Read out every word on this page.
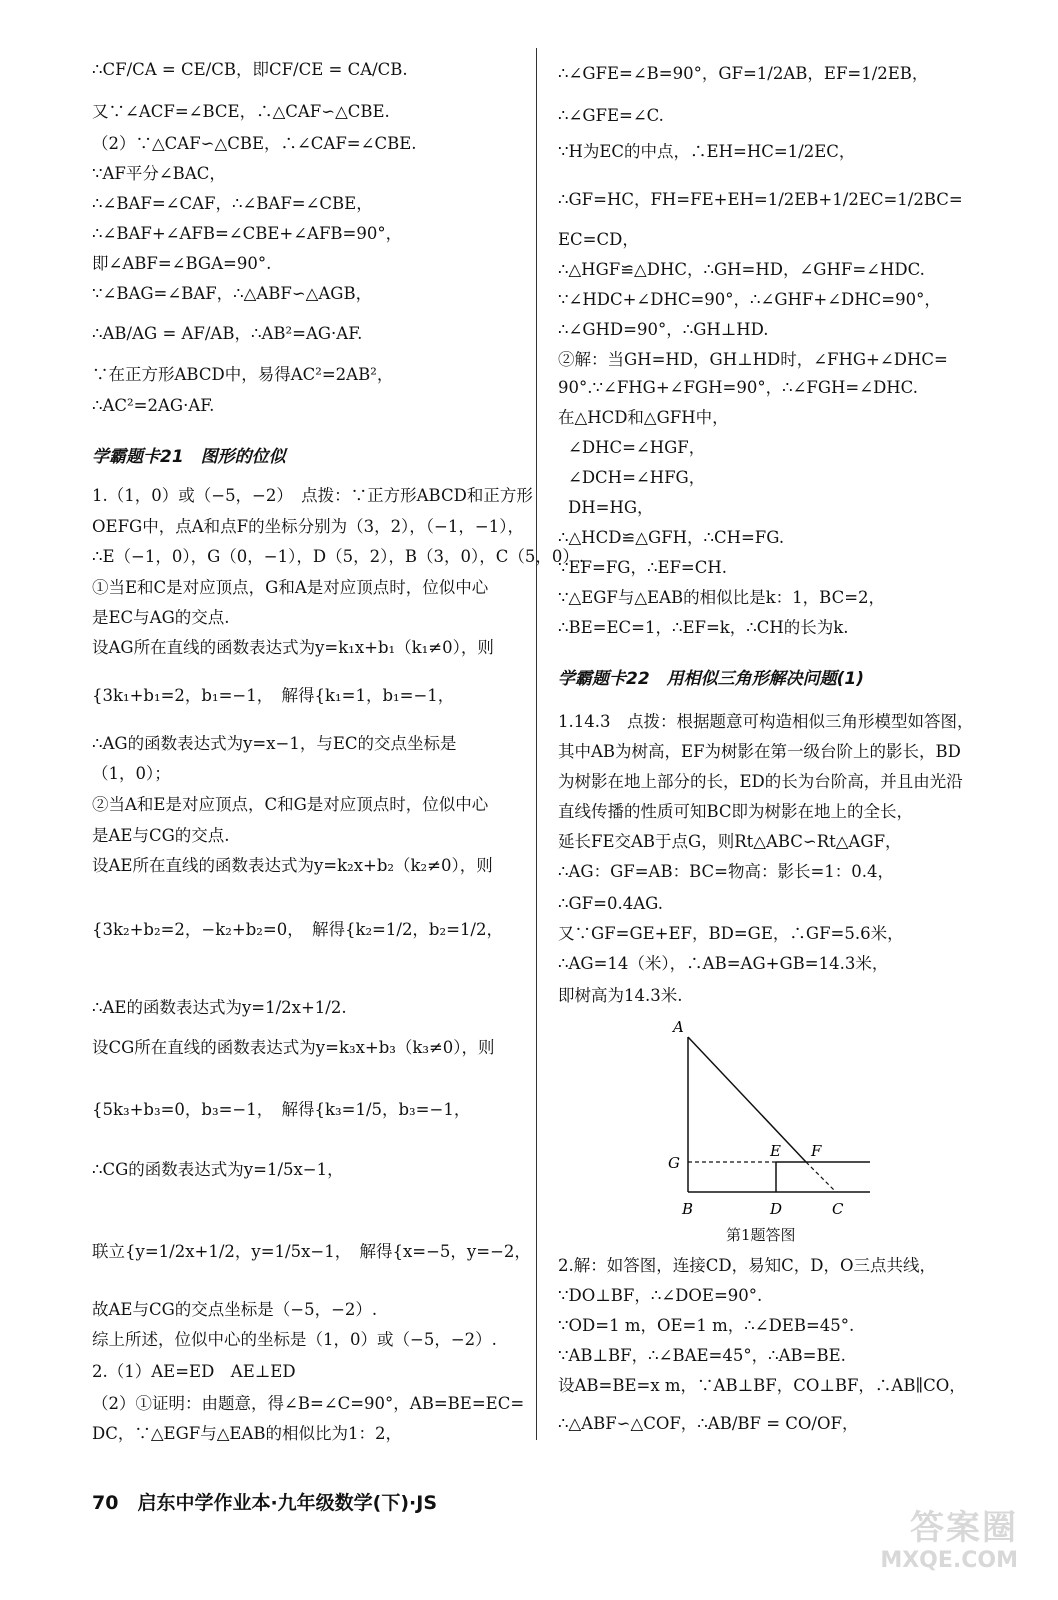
∴CF/CA = CE/CB，即CF/CE = CA/CB.
又∵∠ACF=∠BCE，∴△CAF∽△CBE.
（2）∵△CAF∽△CBE，∴∠CAF=∠CBE.
∵AF平分∠BAC，
∴∠BAF=∠CAF，∴∠BAF=∠CBE，
∴∠BAF+∠AFB=∠CBE+∠AFB=90°，
即∠ABF=∠BGA=90°.
∵∠BAG=∠BAF，∴△ABF∽△AGB，
∴AB/AG = AF/AB，∴AB²=AG·AF.
∵在正方形ABCD中，易得AC²=2AB²，
∴AC²=2AG·AF.
学霸题卡21　图形的位似
1.（1，0）或（−5，−2）　点拨：∵正方形ABCD和正方形
OEFG中，点A和点F的坐标分别为（3，2），（−1，−1），
∴E（−1，0），G（0，−1），D（5，2），B（3，0），C（5，0）.
①当E和C是对应顶点，G和A是对应顶点时，位似中心
是EC与AG的交点.
设AG所在直线的函数表达式为y=k₁x+b₁（k₁≠0），则
{3k₁+b₁=2，b₁=−1，　解得{k₁=1，b₁=−1，
∴AG的函数表达式为y=x−1，与EC的交点坐标是
（1，0）；
②当A和E是对应顶点，C和G是对应顶点时，位似中心
是AE与CG的交点.
设AE所在直线的函数表达式为y=k₂x+b₂（k₂≠0），则
{3k₂+b₂=2，−k₂+b₂=0，　解得{k₂=1/2，b₂=1/2，
∴AE的函数表达式为y=1/2x+1/2.
设CG所在直线的函数表达式为y=k₃x+b₃（k₃≠0），则
{5k₃+b₃=0，b₃=−1，　解得{k₃=1/5，b₃=−1，
∴CG的函数表达式为y=1/5x−1，
联立{y=1/2x+1/2，y=1/5x−1，　解得{x=−5，y=−2，
故AE与CG的交点坐标是（−5，−2）.
综上所述，位似中心的坐标是（1，0）或（−5，−2）.
2.（1）AE=ED　AE⊥ED
（2）①证明：由题意，得∠B=∠C=90°，AB=BE=EC=
DC，∵△EGF与△EAB的相似比为1：2，
∴∠GFE=∠B=90°，GF=1/2AB，EF=1/2EB，
∴∠GFE=∠C.
∵H为EC的中点，∴EH=HC=1/2EC，
∴GF=HC，FH=FE+EH=1/2EB+1/2EC=1/2BC=
EC=CD，
∴△HGF≌△DHC，∴GH=HD，∠GHF=∠HDC.
∵∠HDC+∠DHC=90°，∴∠GHF+∠DHC=90°，
∴∠GHD=90°，∴GH⊥HD.
②解：当GH=HD，GH⊥HD时，∠FHG+∠DHC=
90°.∵∠FHG+∠FGH=90°，∴∠FGH=∠DHC.
在△HCD和△GFH中，
∠DHC=∠HGF，
∠DCH=∠HFG，
DH=HG，
∴△HCD≌△GFH，∴CH=FG.
∵EF=FG，∴EF=CH.
∵△EGF与△EAB的相似比是k：1，BC=2，
∴BE=EC=1，∴EF=k，∴CH的长为k.
学霸题卡22　用相似三角形解决问题(1)
1.14.3　点拨：根据题意可构造相似三角形模型如答图，
其中AB为树高，EF为树影在第一级台阶上的影长，BD
为树影在地上部分的长，ED的长为台阶高，并且由光沿
直线传播的性质可知BC即为树影在地上的全长，
延长FE交AB于点G，则Rt△ABC∽Rt△AGF，
∴AG：GF=AB：BC=物高：影长=1：0.4，
∴GF=0.4AG.
又∵GF=GE+EF，BD=GE，∴GF=5.6米，
∴AG=14（米），∴AB=AG+GB=14.3米，
即树高为14.3米.
A
G
B
E F
D	C
第1题答图
2.解：如答图，连接CD，易知C，D，O三点共线，
∵DO⊥BF，∴∠DOE=90°.
∵OD=1 m，OE=1 m，∴∠DEB=45°.
∵AB⊥BF，∴∠BAE=45°，∴AB=BE.
设AB=BE=x m，∵AB⊥BF，CO⊥BF，∴AB∥CO，
∴△ABF∽△COF，∴AB/BF = CO/OF，
70　启东中学作业本·九年级数学(下)·JS
答案圈
MXQE.COM
